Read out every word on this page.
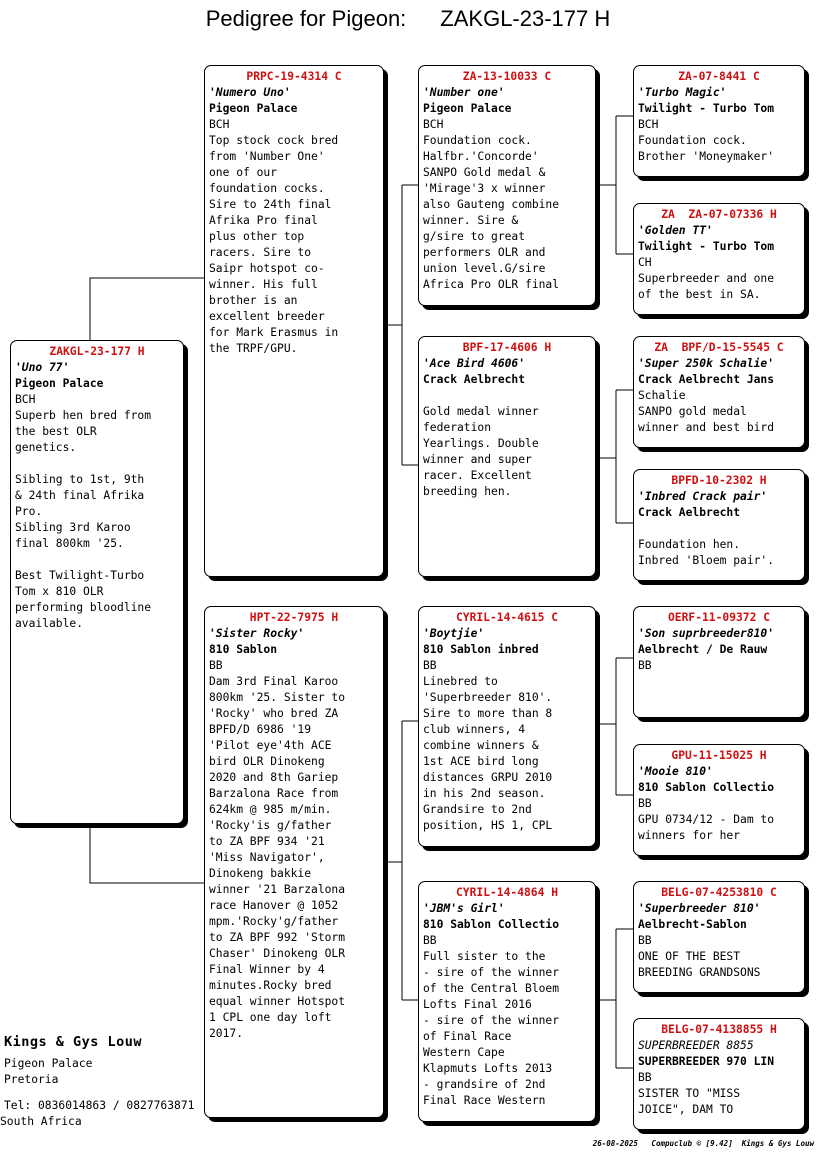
Pedigree for Pigeon: ZAKGL-23-177 H
ZAKGL-23-177 H
'Uno 77'
Pigeon Palace
BCH
Superb hen bred from
the best OLR
genetics.

Sibling to 1st, 9th
& 24th final Afrika
Pro.
Sibling 3rd Karoo
final 800km '25.

Best Twilight-Turbo
Tom x 810 OLR
performing bloodline
available.
PRPC-19-4314 C
'Numero Uno'
Pigeon Palace
BCH
Top stock cock bred
from 'Number One'
one of our
foundation cocks.
Sire to 24th final
Afrika Pro final
plus other top
racers. Sire to
Saipr hotspot co-
winner. His full
brother is an
excellent breeder
for Mark Erasmus in
the TRPF/GPU.
HPT-22-7975 H
'Sister Rocky'
810 Sablon
BB
Dam 3rd Final Karoo
800km '25. Sister to
'Rocky' who bred ZA
BPFD/D 6986 '19
'Pilot eye'4th ACE
bird OLR Dinokeng
2020 and 8th Gariep
Barzalona Race from
624km @ 985 m/min.
'Rocky'is g/father
to ZA BPF 934 '21
'Miss Navigator',
Dinokeng bakkie
winner '21 Barzalona
race Hanover @ 1052
mpm.'Rocky'g/father
to ZA BPF 992 'Storm
Chaser' Dinokeng OLR
Final Winner by 4
minutes.Rocky bred
equal winner Hotspot
1 CPL one day loft
2017.
ZA-13-10033 C
'Number one'
Pigeon Palace
BCH
Foundation cock.
Halfbr.'Concorde'
SANPO Gold medal &
'Mirage'3 x winner
also Gauteng combine
winner. Sire &
g/sire to great
performers OLR and
union level.G/sire
Africa Pro OLR final
BPF-17-4606 H
'Ace Bird 4606'
Crack Aelbrecht
Gold medal winner
federation
Yearlings. Double
winner and super
racer. Excellent
breeding hen.
CYRIL-14-4615 C
'Boytjie'
810 Sablon inbred
BB
Linebred to
'Superbreeder 810'.
Sire to more than 8
club winners, 4
combine winners &
1st ACE bird long
distances GRPU 2010
in his 2nd season.
Grandsire to 2nd
position, HS 1, CPL
CYRIL-14-4864 H
'JBM's Girl'
810 Sablon Collectio
BB
Full sister to the
- sire of the winner
of the Central Bloem
Lofts Final 2016
- sire of the winner
of Final Race
Western Cape
Klapmuts Lofts 2013
- grandsire of 2nd
Final Race Western
ZA-07-8441 C
'Turbo Magic'
Twilight - Turbo Tom
BCH
Foundation cock.
Brother 'Moneymaker'
ZA  ZA-07-07336 H
'Golden TT'
Twilight - Turbo Tom
CH
Superbreeder and one
of the best in SA.
ZA  BPF/D-15-5545 C
'Super 250k Schalie'
Crack Aelbrecht Jans
Schalie
SANPO gold medal
winner and best bird
BPFD-10-2302 H
'Inbred Crack pair'
Crack Aelbrecht
Foundation hen.
Inbred 'Bloem pair'.
OERF-11-09372 C
'Son suprbreeder810'
Aelbrecht / De Rauw
BB
GPU-11-15025 H
'Mooie 810'
810 Sablon Collectio
BB
GPU 0734/12 - Dam to
winners for her
BELG-07-4253810 C
'Superbreeder 810'
Aelbrecht-Sablon
BB
ONE OF THE BEST
BREEDING GRANDSONS
BELG-07-4138855 H
SUPERBREEDER 8855
SUPERBREEDER 970 LIN
BB
SISTER TO "MISS
JOICE", DAM TO
Kings & Gys Louw
Pigeon Palace
Pretoria
Tel: 0836014863 / 0827763871
South Africa
26-08-2025   Compuclub © [9.42]  Kings & Gys Louw
